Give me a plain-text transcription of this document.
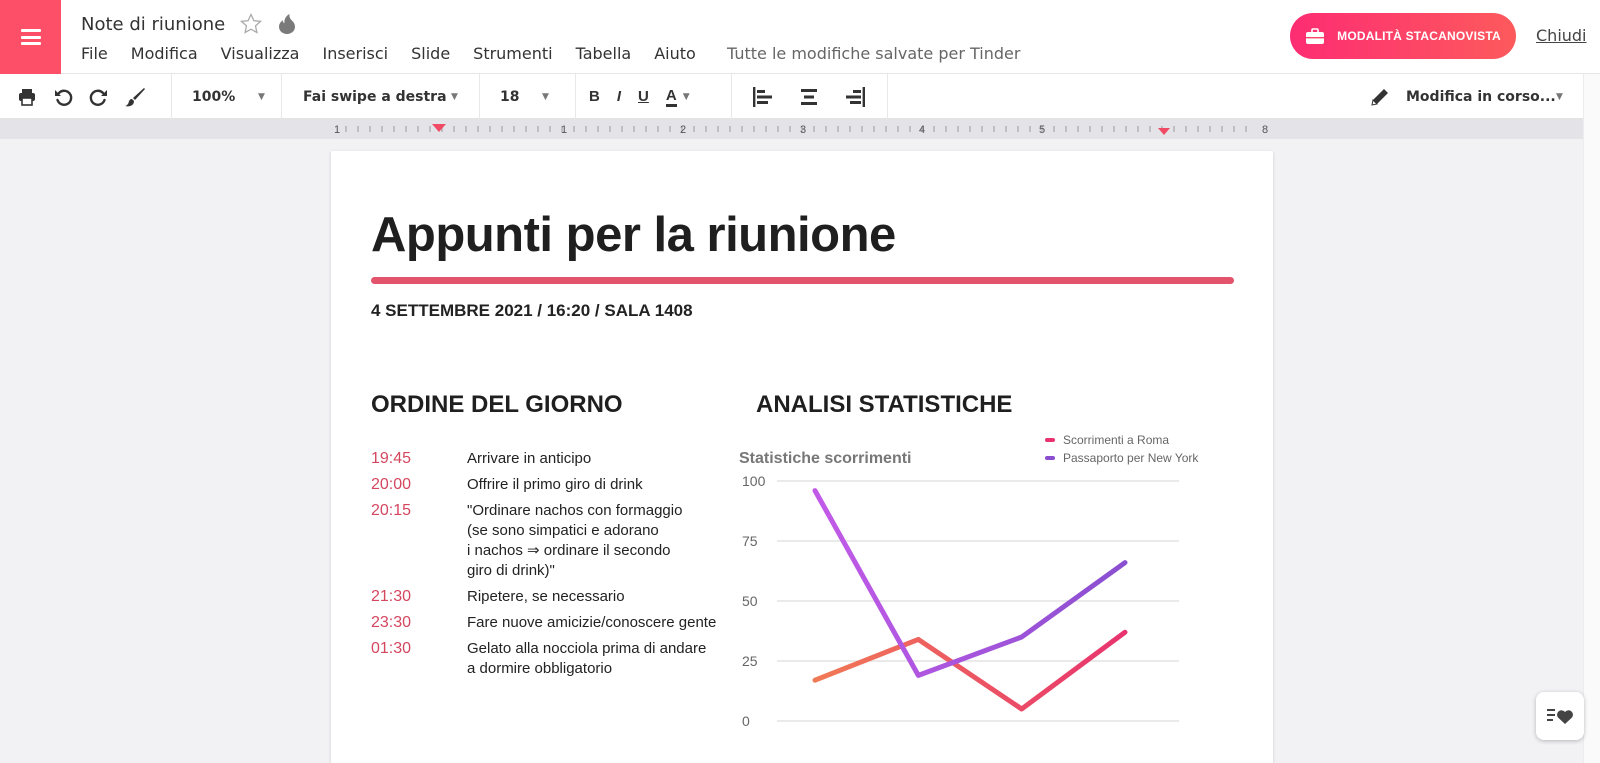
Note di riunione
File Modifica Visualizza Inserisci Slide Strumenti Tabella Aiuto Tutte le modifiche salvate per Tinder
MODALITÀ STACANOVISTA Chiudi
100%	▼	Fai swipe a destra ▼	18	▼	B I U A ▼	Modifica in corso... ▼
1	1	2	3	4	5	8
Appunti per la riunione
4 SETTEMBRE 2021 / 16:20 / SALA 1408
ORDINE DEL GIORNO	ANALISI STATISTICHE
19:45	Arrivare in anticipo
20:00	Offrire il primo giro di drink
20:15	"Ordinare nachos con formaggio
(se sono simpatici e adorano
i nachos ⇒ ordinare il secondo
giro di drink)"
21:30	Ripetere, se necessario
23:30	Fare nuove amicizie/conoscere gente
01:30	Gelato alla nocciola prima di andare
a dormire obbligatorio
Statistiche scorrimenti
0
25
50
75
100
Scorrimenti a Roma
Passaporto per New York
